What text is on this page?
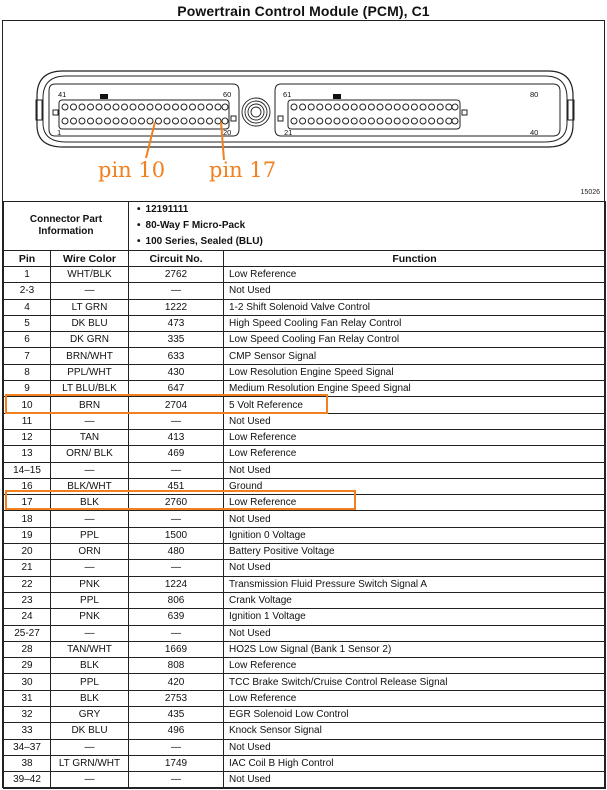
Powertrain Control Module (PCM), C1
41	60
1	20
61	80
21	40
pin 10 pin 17
15026
Connector Part Information		• 12191111
• 80-Way F Micro-Pack
• 100 Series, Sealed (BLU)

Pin	Wire Color	Circuit No.	Function
1	WHT/BLK	2762	Low Reference
2-3	—	—	Not Used
4	LT GRN	1222	1-2 Shift Solenoid Valve Control
5	DK BLU	473	High Speed Cooling Fan Relay Control
6	DK GRN	335	Low Speed Cooling Fan Relay Control
7	BRN/WHT	633	CMP Sensor Signal
8	PPL/WHT	430	Low Resolution Engine Speed Signal
9	LT BLU/BLK	647	Medium Resolution Engine Speed Signal
10	BRN	2704	5 Volt Reference
11	—	—	Not Used
12	TAN	413	Low Reference
13	ORN/ BLK	469	Low Reference
14–15	—	—	Not Used
16	BLK/WHT	451	Ground
17	BLK	2760	Low Reference
18	—	—	Not Used
19	PPL	1500	Ignition 0 Voltage
20	ORN	480	Battery Positive Voltage
21	—	—	Not Used
22	PNK	1224	Transmission Fluid Pressure Switch Signal A
23	PPL	806	Crank Voltage
24	PNK	639	Ignition 1 Voltage
25-27	—	—	Not Used
28	TAN/WHT	1669	HO2S Low Signal (Bank 1 Sensor 2)
29	BLK	808	Low Reference
30	PPL	420	TCC Brake Switch/Cruise Control Release Signal
31	BLK	2753	Low Reference
32	GRY	435	EGR Solenoid Low Control
33	DK BLU	496	Knock Sensor Signal
34–37	—	—	Not Used
38	LT GRN/WHT	1749	IAC Coil B High Control
39–42	—	—	Not Used
